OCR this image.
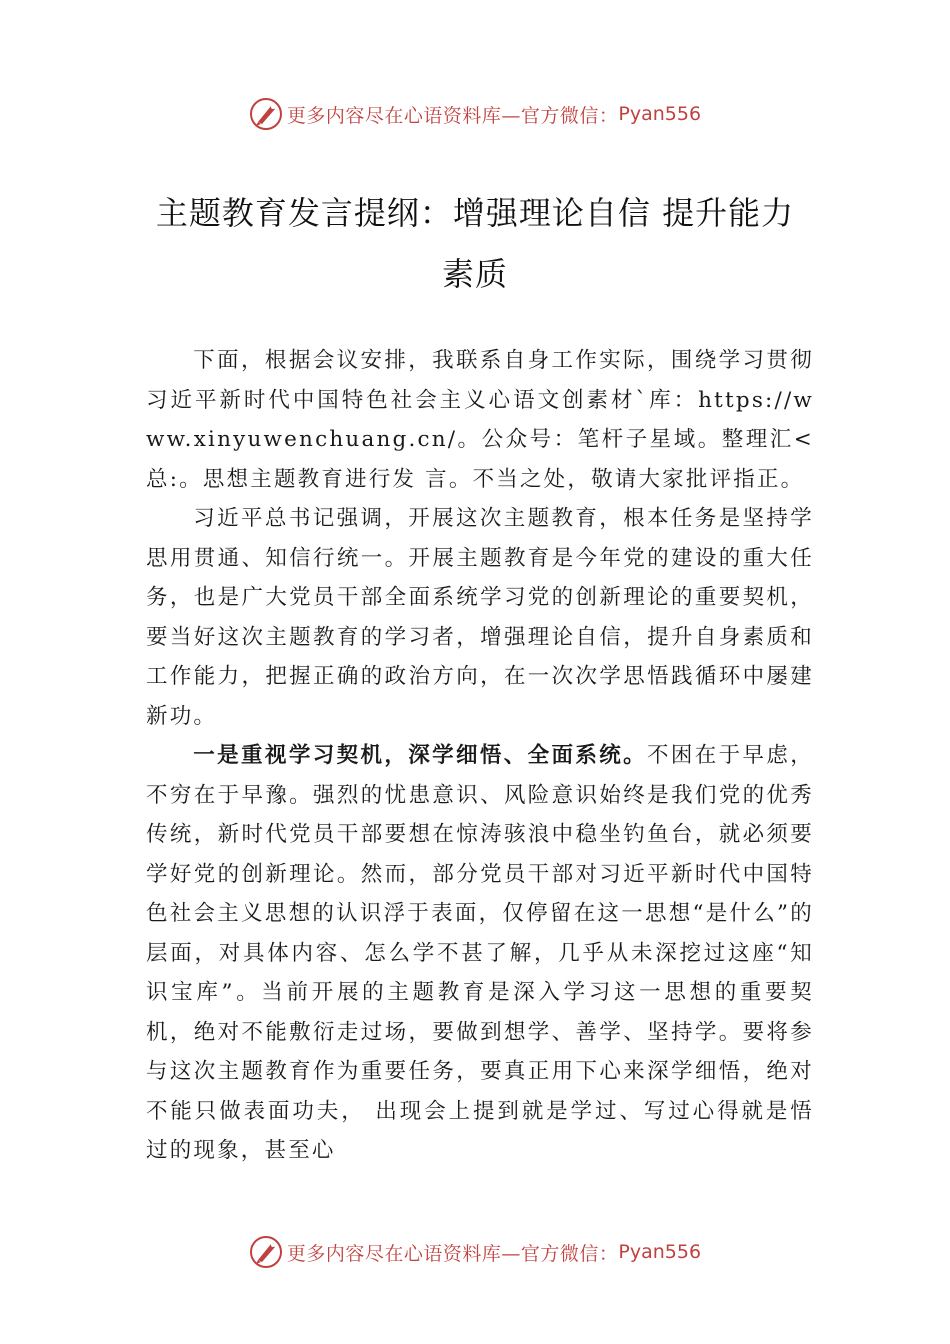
更多内容尽在心语资料库—官方微信： Pyan556
主题教育发言提纲：增强理论自信 提升能力素质

下面，根据会议安排，我联系自身工作实际，围绕学习贯彻习近平新时代中国特色社会主义心语文创素材`库：https://www.xinyuwenchuang.cn/。公众号：笔杆子星域。整理汇<总:。思想主题教育进行发 言。不当之处，敬请大家批评指正。

习近平总书记强调，开展这次主题教育，根本任务是坚持学思用贯通、知信行统一。开展主题教育是今年党的建设的重大任务，也是广大党员干部全面系统学习党的创新理论的重要契机，要当好这次主题教育的学习者，增强理论自信，提升自身素质和工作能力，把握正确的政治方向，在一次次学思悟践循环中屡建新功。

一是重视学习契机，深学细悟、全面系统。不困在于早虑，不穷在于早豫。强烈的忧患意识、风险意识始终是我们党的优秀传统，新时代党员干部要想在惊涛骇浪中稳坐钓鱼台，就必须要学好党的创新理论。然而，部分党员干部对习近平新时代中国特色社会主义思想的认识浮于表面，仅停留在这一思想“是什么”的层面，对具体内容、怎么学不甚了解，几乎从未深挖过这座“知识宝库”。当前开展的主题教育是深入学习这一思想的重要契机，绝对不能敷衍走过场，要做到想学、善学、坚持学。要将参与这次主题教育作为重要任务，要真正用下心来深学细悟，绝对不能只做表面功夫， 出现会上提到就是学过、写过心得就是悟过的现象，甚至心

更多内容尽在心语资料库—官方微信： Pyan556
